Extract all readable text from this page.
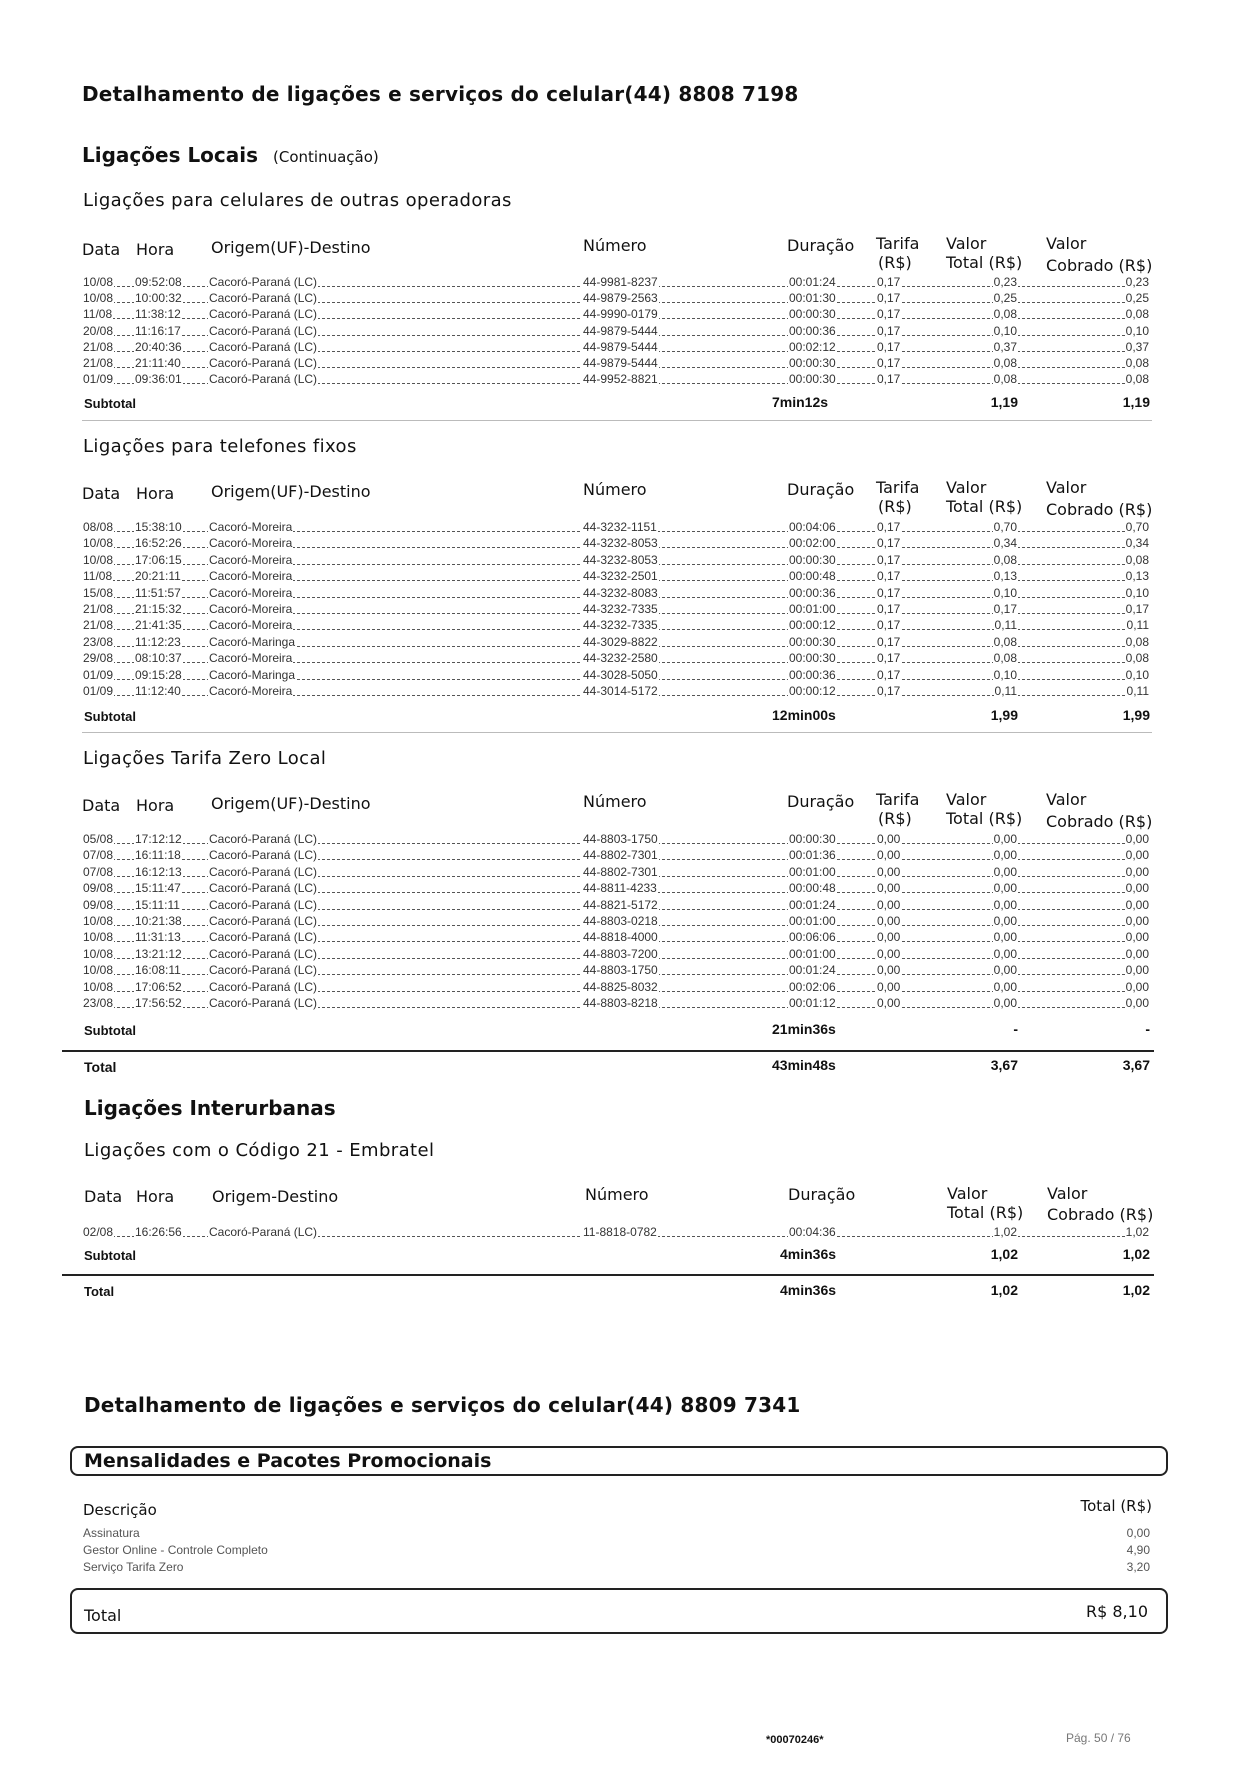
Detalhamento de ligações e serviços do celular(44) 8808 7198
Ligações Locais (Continuação)
Ligações para celulares de outras operadoras
Data Hora Origem(UF)-Destino	Número	Duração Tarifa
(R$)
Valor
Total (R$)
Valor
Cobrado (R$)
10/08	09:52:08	Cacoró-Paraná (LC)	44-9981-8237	00:01:24	0,17	0,23	0,23
10/08	10:00:32	Cacoró-Paraná (LC)	44-9879-2563	00:01:30	0,17	0,25	0,25
11/08	11:38:12	Cacoró-Paraná (LC)	44-9990-0179	00:00:30	0,17	0,08	0,08
20/08	11:16:17	Cacoró-Paraná (LC)	44-9879-5444	00:00:36	0,17	0,10	0,10
21/08	20:40:36	Cacoró-Paraná (LC)	44-9879-5444	00:02:12	0,17	0,37	0,37
21/08	21:11:40	Cacoró-Paraná (LC)	44-9879-5444	00:00:30	0,17	0,08	0,08
01/09	09:36:01	Cacoró-Paraná (LC)	44-9952-8821	00:00:30	0,17	0,08	0,08
Subtotal	7min12s	1,19	1,19
Ligações para telefones fixos
Data Hora Origem(UF)-Destino	Número	Duração Tarifa
(R$)
Valor
Total (R$)
Valor
Cobrado (R$)
08/08	15:38:10	Cacoró-Moreira	44-3232-1151	00:04:06	0,17	0,70	0,70
10/08	16:52:26	Cacoró-Moreira	44-3232-8053	00:02:00	0,17	0,34	0,34
10/08	17:06:15	Cacoró-Moreira	44-3232-8053	00:00:30	0,17	0,08	0,08
11/08	20:21:11	Cacoró-Moreira	44-3232-2501	00:00:48	0,17	0,13	0,13
15/08	11:51:57	Cacoró-Moreira	44-3232-8083	00:00:36	0,17	0,10	0,10
21/08	21:15:32	Cacoró-Moreira	44-3232-7335	00:01:00	0,17	0,17	0,17
21/08	21:41:35	Cacoró-Moreira	44-3232-7335	00:00:12	0,17	0,11	0,11
23/08	11:12:23	Cacoró-Maringa	44-3029-8822	00:00:30	0,17	0,08	0,08
29/08	08:10:37	Cacoró-Moreira	44-3232-2580	00:00:30	0,17	0,08	0,08
01/09	09:15:28	Cacoró-Maringa	44-3028-5050	00:00:36	0,17	0,10	0,10
01/09	11:12:40	Cacoró-Moreira	44-3014-5172	00:00:12	0,17	0,11	0,11
Subtotal	12min00s	1,99	1,99
Ligações Tarifa Zero Local
Data Hora Origem(UF)-Destino	Número	Duração Tarifa
(R$)
Valor
Total (R$)
Valor
Cobrado (R$)
05/08	17:12:12	Cacoró-Paraná (LC)	44-8803-1750	00:00:30	0,00	0,00	0,00
07/08	16:11:18	Cacoró-Paraná (LC)	44-8802-7301	00:01:36	0,00	0,00	0,00
07/08	16:12:13	Cacoró-Paraná (LC)	44-8802-7301	00:01:00	0,00	0,00	0,00
09/08	15:11:47	Cacoró-Paraná (LC)	44-8811-4233	00:00:48	0,00	0,00	0,00
09/08	15:11:11	Cacoró-Paraná (LC)	44-8821-5172	00:01:24	0,00	0,00	0,00
10/08	10:21:38	Cacoró-Paraná (LC)	44-8803-0218	00:01:00	0,00	0,00	0,00
10/08	11:31:13	Cacoró-Paraná (LC)	44-8818-4000	00:06:06	0,00	0,00	0,00
10/08	13:21:12	Cacoró-Paraná (LC)	44-8803-7200	00:01:00	0,00	0,00	0,00
10/08	16:08:11	Cacoró-Paraná (LC)	44-8803-1750	00:01:24	0,00	0,00	0,00
10/08	17:06:52	Cacoró-Paraná (LC)	44-8825-8032	00:02:06	0,00	0,00	0,00
23/08	17:56:52	Cacoró-Paraná (LC)	44-8803-8218	00:01:12	0,00	0,00	0,00
Subtotal	21min36s	-	-
Total	43min48s	3,67	3,67
Ligações Interurbanas
Ligações com o Código 21 - Embratel
Data Hora Origem-Destino	Número	Duração	Valor
Total (R$)
Valor
Cobrado (R$)
02/08	16:26:56	Cacoró-Paraná (LC)	11-8818-0782	00:04:36	1,02	1,02
Subtotal	4min36s	1,02	1,02
Total	4min36s	1,02	1,02
Detalhamento de ligações e serviços do celular(44) 8809 7341
Mensalidades e Pacotes Promocionais
Descrição	Total (R$)
Assinatura	0,00
Gestor Online - Controle Completo	4,90
Serviço Tarifa Zero	3,20
Total	R$ 8,10
*00070246*	Pág. 50 / 76
